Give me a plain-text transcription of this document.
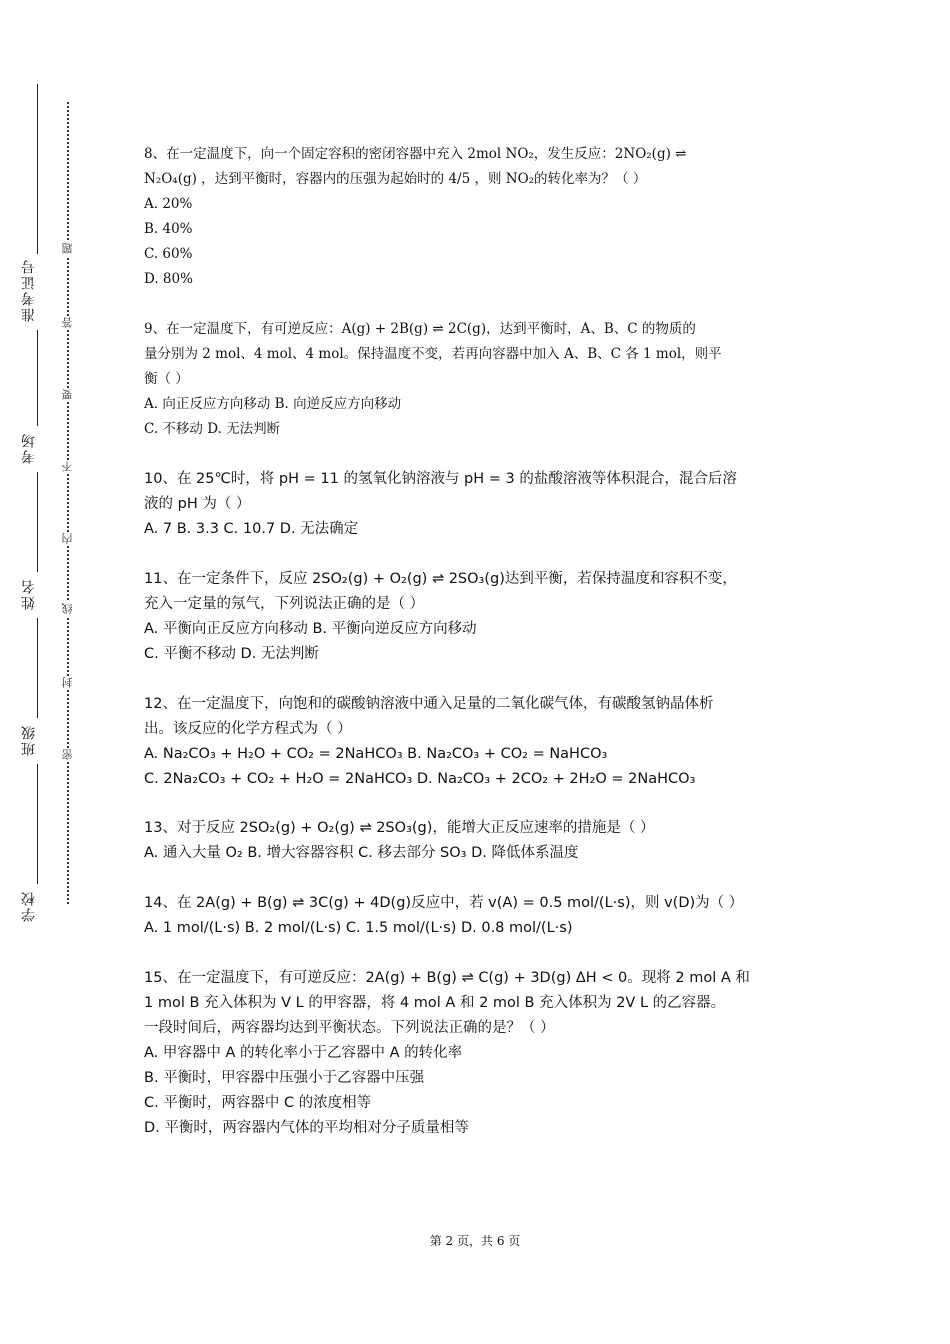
准考证号
考场
姓名
班级
学校
题
答
要
不
内
线
封
密
8、在一定温度下，向一个固定容积的密闭容器中充入 2mol NO₂，发生反应：2NO₂(g) ⇌
N₂O₄(g) ，达到平衡时，容器内的压强为起始时的 4/5 ，则 NO₂的转化率为？（ ）
A. 20%
B. 40%
C. 60%
D. 80%
9、在一定温度下，有可逆反应：A(g) + 2B(g) ⇌ 2C(g)，达到平衡时，A、B、C 的物质的
量分别为 2 mol、4 mol、4 mol。保持温度不变，若再向容器中加入 A、B、C 各 1 mol，则平
衡（ ）
A. 向正反应方向移动 B. 向逆反应方向移动
C. 不移动 D. 无法判断
10、在 25℃时，将 pH = 11 的氢氧化钠溶液与 pH = 3 的盐酸溶液等体积混合，混合后溶
液的 pH 为（ ）
A. 7 B. 3.3 C. 10.7 D. 无法确定
11、在一定条件下，反应 2SO₂(g) + O₂(g) ⇌ 2SO₃(g)达到平衡，若保持温度和容积不变，
充入一定量的氖气，下列说法正确的是（ ）
A. 平衡向正反应方向移动 B. 平衡向逆反应方向移动
C. 平衡不移动 D. 无法判断
12、在一定温度下，向饱和的碳酸钠溶液中通入足量的二氧化碳气体，有碳酸氢钠晶体析
出。该反应的化学方程式为（ ）
A. Na₂CO₃ + H₂O + CO₂ = 2NaHCO₃ B. Na₂CO₃ + CO₂ = NaHCO₃
C. 2Na₂CO₃ + CO₂ + H₂O = 2NaHCO₃ D. Na₂CO₃ + 2CO₂ + 2H₂O = 2NaHCO₃
13、对于反应 2SO₂(g) + O₂(g) ⇌ 2SO₃(g)，能增大正反应速率的措施是（ ）
A. 通入大量 O₂ B. 增大容器容积 C. 移去部分 SO₃ D. 降低体系温度
14、在 2A(g) + B(g) ⇌ 3C(g) + 4D(g)反应中，若 v(A) = 0.5 mol/(L·s)，则 v(D)为（ ）
A. 1 mol/(L·s) B. 2 mol/(L·s) C. 1.5 mol/(L·s) D. 0.8 mol/(L·s)
15、在一定温度下，有可逆反应：2A(g) + B(g) ⇌ C(g) + 3D(g) ΔH < 0。现将 2 mol A 和
1 mol B 充入体积为 V L 的甲容器，将 4 mol A 和 2 mol B 充入体积为 2V L 的乙容器。
一段时间后，两容器均达到平衡状态。下列说法正确的是？（ ）
A. 甲容器中 A 的转化率小于乙容器中 A 的转化率
B. 平衡时，甲容器中压强小于乙容器中压强
C. 平衡时，两容器中 C 的浓度相等
D. 平衡时，两容器内气体的平均相对分子质量相等
第 2 页，共 6 页
